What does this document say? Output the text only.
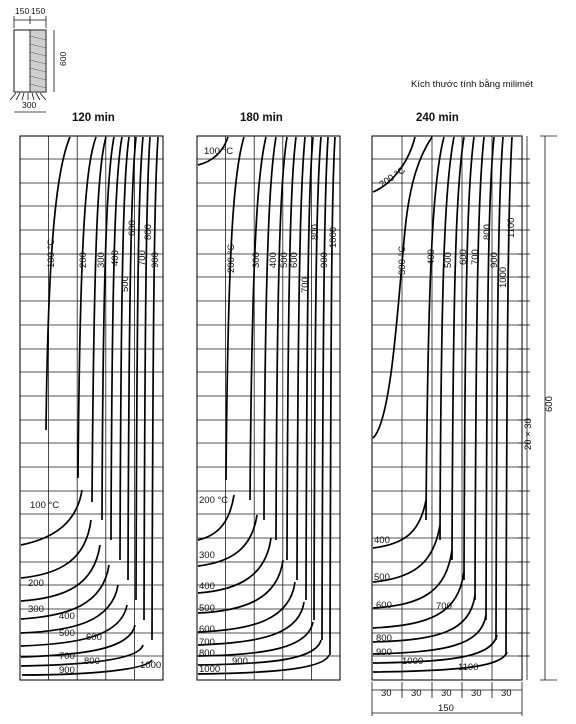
150 150
600
300
Kích thước tính bằng milimét
120 min
100 °C 200 300 400
500
600
700
800
900
100 °C
200
300
400
500 600
700 800
900	1000
180 min
100 °C
200 °C 300 400 500 600
700
800
900
1000
200 °C
300
400
500
600
700
800
900
1000
240 min
200 °C
300 °C 400 500 600 700
800
900
1000
1100
400
500
600	700
800
900
1000
1100
600
20 × 30
30 30 30 30 30
150
